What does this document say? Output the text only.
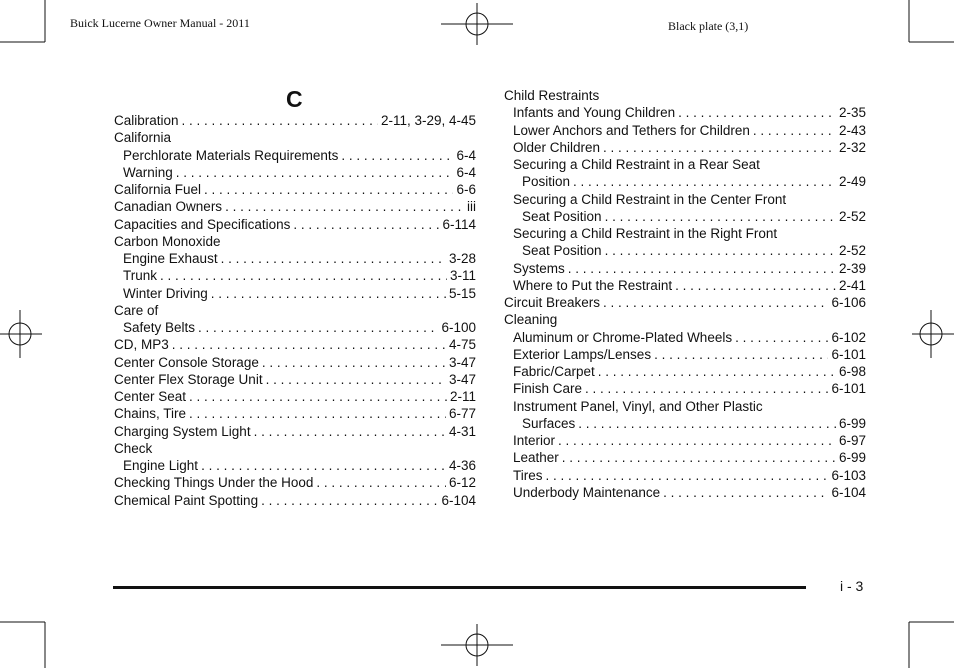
Buick Lucerne Owner Manual - 2011	Black plate (3,1)
C
Calibration . . .	2-11, 3-29, 4-45
California
Perchlorate Materials Requirements . . .	6-4
Warning . . .	6-4
California Fuel . . .	6-6
Canadian Owners . . .	iii
Capacities and Specifications . . .	6-114
Carbon Monoxide
Engine Exhaust . . .	3-28
Trunk . . .	3-11
Winter Driving . . .	5-15
Care of
Safety Belts . . .	6-100
CD, MP3 . . .	4-75
Center Console Storage . . .	3-47
Center Flex Storage Unit . . .	3-47
Center Seat . . .	2-11
Chains, Tire . . .	6-77
Charging System Light . . .	4-31
Check
Engine Light . . .	4-36
Checking Things Under the Hood . . .	6-12
Chemical Paint Spotting . . .	6-104
Child Restraints
Infants and Young Children . . .	2-35
Lower Anchors and Tethers for Children . . .	2-43
Older Children . . .	2-32
Securing a Child Restraint in a Rear Seat
Position . . .	2-49
Securing a Child Restraint in the Center Front
Seat Position . . .	2-52
Securing a Child Restraint in the Right Front
Seat Position . . .	2-52
Systems . . .	2-39
Where to Put the Restraint . . .	2-41
Circuit Breakers . . .	6-106
Cleaning
Aluminum or Chrome-Plated Wheels . . .	6-102
Exterior Lamps/Lenses . . .	6-101
Fabric/Carpet . . .	6-98
Finish Care . . .	6-101
Instrument Panel, Vinyl, and Other Plastic
Surfaces . . .	6-99
Interior . . .	6-97
Leather . . .	6-99
Tires . . .	6-103
Underbody Maintenance . . .	6-104
i - 3
